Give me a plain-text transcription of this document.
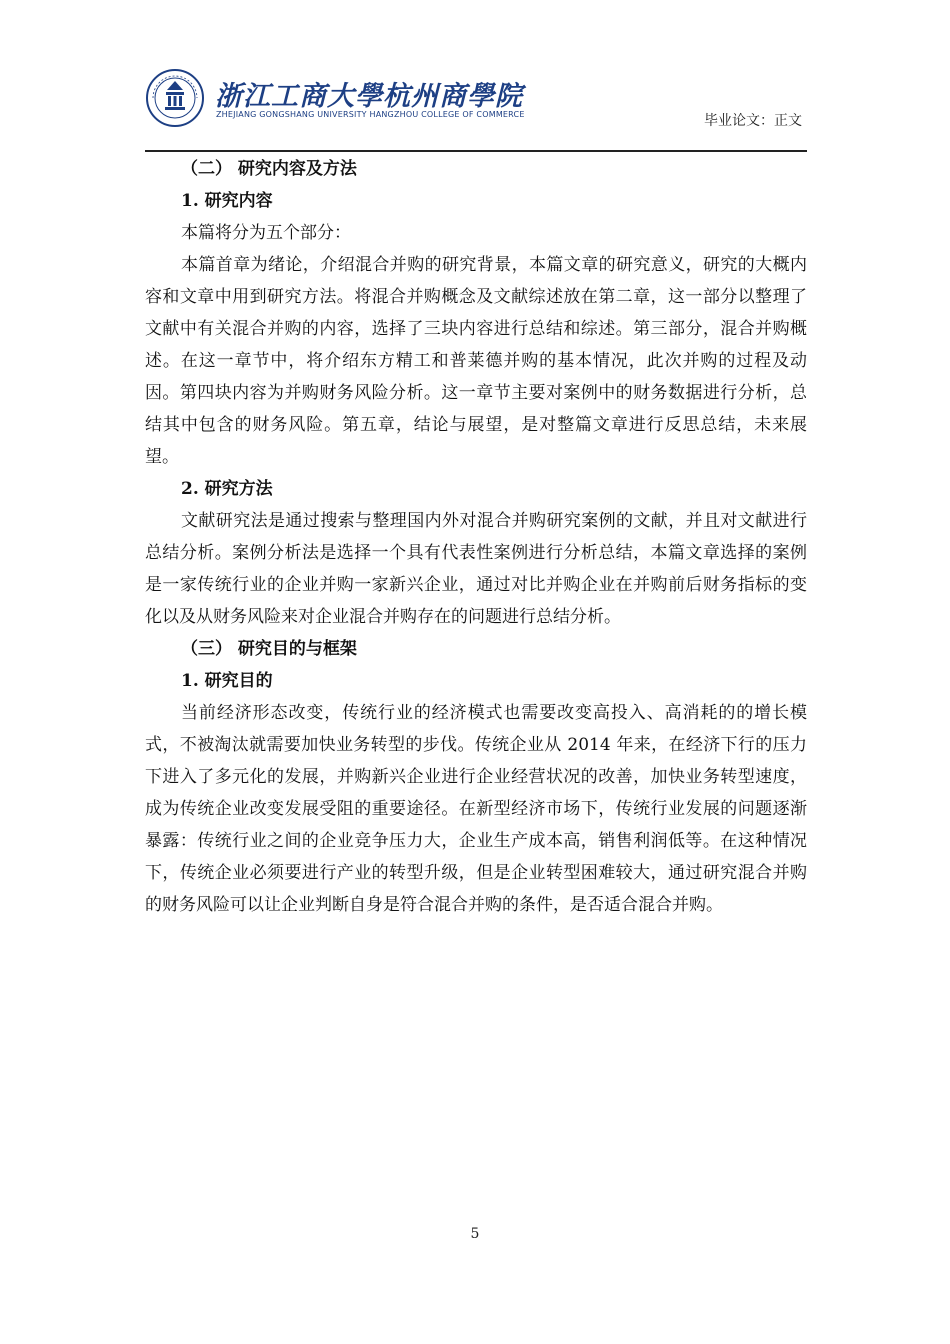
浙江工商大學杭州商學院
ZHEJIANG GONGSHANG UNIVERSITY HANGZHOU COLLEGE OF COMMERCE	毕业论文：正文
（二） 研究内容及方法
1. 研究内容

本篇将分为五个部分：

本篇首章为绪论，介绍混合并购的研究背景，本篇文章的研究意义，研究的大概内容和文章中用到研究方法。将混合并购概念及文献综述放在第二章，这一部分以整理了文献中有关混合并购的内容，选择了三块内容进行总结和综述。第三部分，混合并购概述。在这一章节中，将介绍东方精工和普莱德并购的基本情况，此次并购的过程及动因。第四块内容为并购财务风险分析。这一章节主要对案例中的财务数据进行分析，总结其中包含的财务风险。第五章，结论与展望，是对整篇文章进行反思总结，未来展望。

2. 研究方法

文献研究法是通过搜索与整理国内外对混合并购研究案例的文献，并且对文献进行总结分析。案例分析法是选择一个具有代表性案例进行分析总结，本篇文章选择的案例是一家传统行业的企业并购一家新兴企业，通过对比并购企业在并购前后财务指标的变化以及从财务风险来对企业混合并购存在的问题进行总结分析。

（三） 研究目的与框架
1. 研究目的

当前经济形态改变，传统行业的经济模式也需要改变高投入、高消耗的的增长模式，不被淘汰就需要加快业务转型的步伐。传统企业从 2014 年来，在经济下行的压力下进入了多元化的发展，并购新兴企业进行企业经营状况的改善，加快业务转型速度，成为传统企业改变发展受阻的重要途径。在新型经济市场下，传统行业发展的问题逐渐暴露：传统行业之间的企业竞争压力大，企业生产成本高，销售利润低等。在这种情况下，传统企业必须要进行产业的转型升级，但是企业转型困难较大，通过研究混合并购的财务风险可以让企业判断自身是符合混合并购的条件，是否适合混合并购。

5
